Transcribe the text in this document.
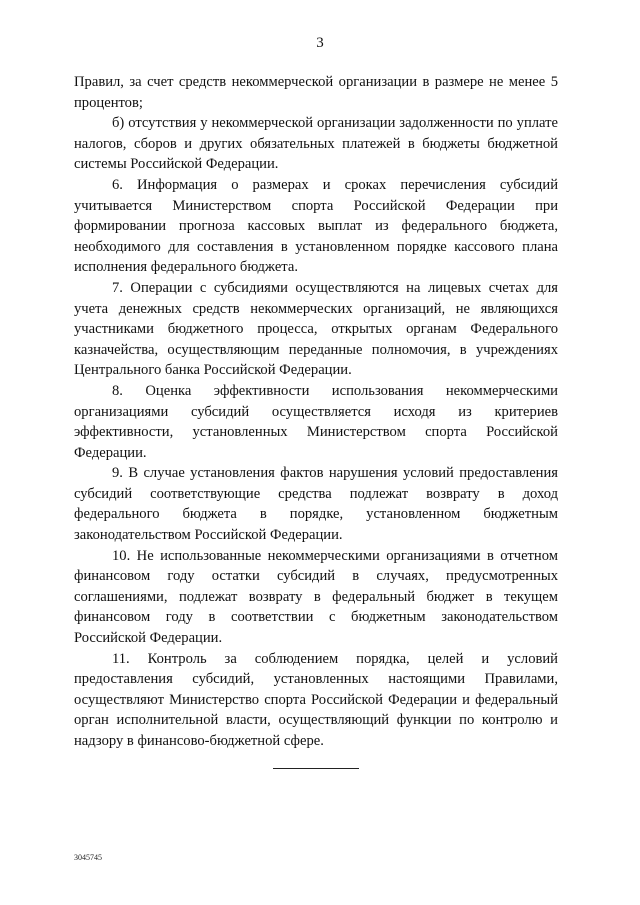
3

Правил, за счет средств некоммерческой организации в размере не менее 5 процентов;

б) отсутствия у некоммерческой организации задолженности по уплате налогов, сборов и других обязательных платежей в бюджеты бюджетной системы Российской Федерации.

6. Информация о размерах и сроках перечисления субсидий учитывается Министерством спорта Российской Федерации при формировании прогноза кассовых выплат из федерального бюджета, необходимого для составления в установленном порядке кассового плана исполнения федерального бюджета.

7. Операции с субсидиями осуществляются на лицевых счетах для учета денежных средств некоммерческих организаций, не являющихся участниками бюджетного процесса, открытых органам Федерального казначейства, осуществляющим переданные полномочия, в учреждениях Центрального банка Российской Федерации.

8. Оценка эффективности использования некоммерческими организациями субсидий осуществляется исходя из критериев эффективности, установленных Министерством спорта Российской Федерации.

9. В случае установления фактов нарушения условий предоставления субсидий соответствующие средства подлежат возврату в доход федерального бюджета в порядке, установленном бюджетным законодательством Российской Федерации.

10. Не использованные некоммерческими организациями в отчетном финансовом году остатки субсидий в случаях, предусмотренных соглашениями, подлежат возврату в федеральный бюджет в текущем финансовом году в соответствии с бюджетным законодательством Российской Федерации.

11. Контроль за соблюдением порядка, целей и условий предоставления субсидий, установленных настоящими Правилами, осуществляют Министерство спорта Российской Федерации и федеральный орган исполнительной власти, осуществляющий функции по контролю и надзору в финансово-бюджетной сфере.

3045745
